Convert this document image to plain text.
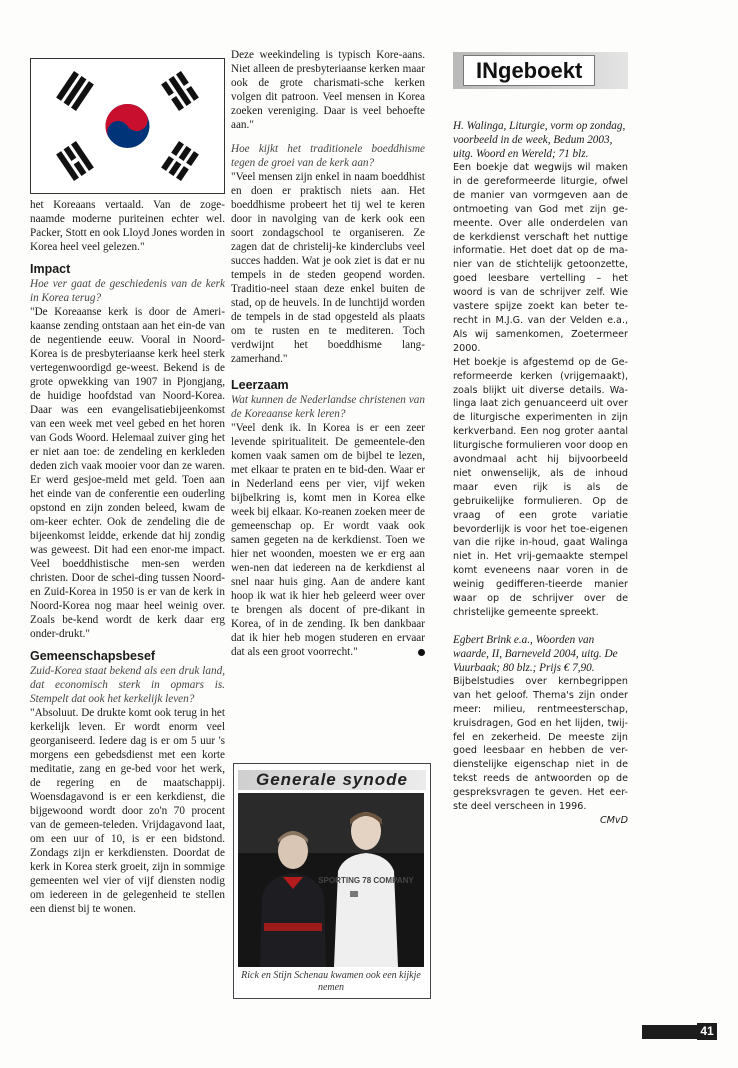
het Koreaans vertaald. Van de zoge-naamde moderne puriteinen echter wel. Packer, Stott en ook Lloyd Jones worden in Korea heel veel gelezen."

Impact

Hoe ver gaat de geschiedenis van de kerk in Korea terug?

"De Koreaanse kerk is door de Ameri-kaanse zending ontstaan aan het ein-de van de negentiende eeuw. Vooral in Noord-Korea is de presbyteriaanse kerk heel sterk vertegenwoordigd ge-weest. Bekend is de grote opwekking van 1907 in Pjongjang, de huidige hoofdstad van Noord-Korea. Daar was een evangelisatiebijeenkomst van een week met veel gebed en het horen van Gods Woord. Helemaal zuiver ging het er niet aan toe: de zendeling en kerkleden deden zich vaak mooier voor dan ze waren. Er werd gesjoe-meld met geld. Toen aan het einde van de conferentie een ouderling opstond en zijn zonden beleed, kwam de om-keer echter. Ook de zendeling die de bijeenkomst leidde, erkende dat hij zondig was geweest. Dit had een enor-me impact. Veel boeddhistische men-sen werden christen. Door de schei-ding tussen Noord- en Zuid-Korea in 1950 is er van de kerk in Noord-Korea nog maar heel weinig over. Zoals be-kend wordt de kerk daar erg onder-drukt."

Gemeenschapsbesef

Zuid-Korea staat bekend als een druk land, dat economisch sterk in opmars is. Stempelt dat ook het kerkelijk leven?

"Absoluut. De drukte komt ook terug in het kerkelijk leven. Er wordt enorm veel georganiseerd. Iedere dag is er om 5 uur 's morgens een gebedsdienst met een korte meditatie, zang en ge-bed voor het werk, de regering en de maatschappij. Woensdagavond is er een kerkdienst, die bijgewoond wordt door zo'n 70 procent van de gemeen-teleden. Vrijdagavond laat, om een uur of 10, is er een bidstond. Zondags zijn er kerkdiensten. Doordat de kerk in Korea sterk groeit, zijn in sommige gemeenten wel vier of vijf diensten nodig om iedereen in de gelegenheid te stellen een dienst bij te wonen.

Deze weekindeling is typisch Kore-aans. Niet alleen de presbyteriaanse kerken maar ook de grote charismati-sche kerken volgen dit patroon. Veel mensen in Korea zoeken vereniging. Daar is veel behoefte aan."

Hoe kijkt het traditionele boeddhisme tegen de groei van de kerk aan?

"Veel mensen zijn enkel in naam boeddhist en doen er praktisch niets aan. Het boeddhisme probeert het tij wel te keren door in navolging van de kerk ook een soort zondagschool te organiseren. Ze zagen dat de christelij-ke kinderclubs veel succes hadden. Wat je ook ziet is dat er nu tempels in de steden geopend worden. Traditio-neel staan deze enkel buiten de stad, op de heuvels. In de lunchtijd worden de tempels in de stad opgesteld als plaats om te rusten en te mediteren. Toch verdwijnt het boeddhisme lang-zamerhand."

Leerzaam

Wat kunnen de Nederlandse christenen van de Koreaanse kerk leren?

"Veel denk ik. In Korea is er een zeer levende spiritualiteit. De gemeentele-den komen vaak samen om de bijbel te lezen, met elkaar te praten en te bid-den. Waar er in Nederland eens per vier, vijf weken bijbelkring is, komt men in Korea elke week bij elkaar. Ko-reanen zoeken meer de gemeenschap op. Er wordt vaak ook samen gegeten na de kerkdienst. Toen we hier net woonden, moesten we er erg aan wen-nen dat iedereen na de kerkdienst al snel naar huis ging. Aan de andere kant hoop ik wat ik hier heb geleerd weer over te brengen als docent of pre-dikant in Korea, of in de zending. Ik ben dankbaar dat ik hier heb mogen studeren en ervaar dat als een groot voorrecht."

Generale synode
SPORTING 78 COMPANY
Rick en Stijn Schenau kwamen ook een kijkje nemen
INgeboekt

H. Walinga, Liturgie, vorm op zondag, voorbeeld in de week, Bedum 2003, uitg. Woord en Wereld; 71 blz.

Een boekje dat wegwijs wil maken in de gereformeerde liturgie, ofwel de manier van vormgeven aan de ontmoeting van God met zijn ge-meente. Over alle onderdelen van de kerkdienst verschaft het nuttige informatie. Het doet dat op de ma-nier van de stichtelijk getoonzette, goed leesbare vertelling – het woord is van de schrijver zelf. Wie vastere spijze zoekt kan beter te-recht in M.J.G. van der Velden e.a., Als wij samenkomen, Zoetermeer 2000.

Het boekje is afgestemd op de Ge-reformeerde kerken (vrijgemaakt), zoals blijkt uit diverse details. Wa-linga laat zich genuanceerd uit over de liturgische experimenten in zijn kerkverband. Een nog groter aantal liturgische formulieren voor doop en avondmaal acht hij bijvoorbeeld niet onwenselijk, als de inhoud maar even rijk is als de gebruikelijke formulieren. Op de vraag of een grote variatie bevorderlijk is voor het toe-eigenen van die rijke in-houd, gaat Walinga niet in. Het vrij-gemaakte stempel komt eveneens naar voren in de weinig gedifferen-tieerde manier waar op de schrijver over de christelijke gemeente spreekt.

Egbert Brink e.a., Woorden van waarde, II, Barneveld 2004, uitg. De Vuurbaak; 80 blz.; Prijs € 7,90.

Bijbelstudies over kernbegrippen van het geloof. Thema's zijn onder meer: milieu, rentmeesterschap, kruisdragen, God en het lijden, twij-fel en zekerheid. De meeste zijn goed leesbaar en hebben de ver-dienstelijke eigenschap niet in de tekst reeds de antwoorden op de gespreksvragen te geven. Het eer-ste deel verscheen in 1996.

CMvD

41
